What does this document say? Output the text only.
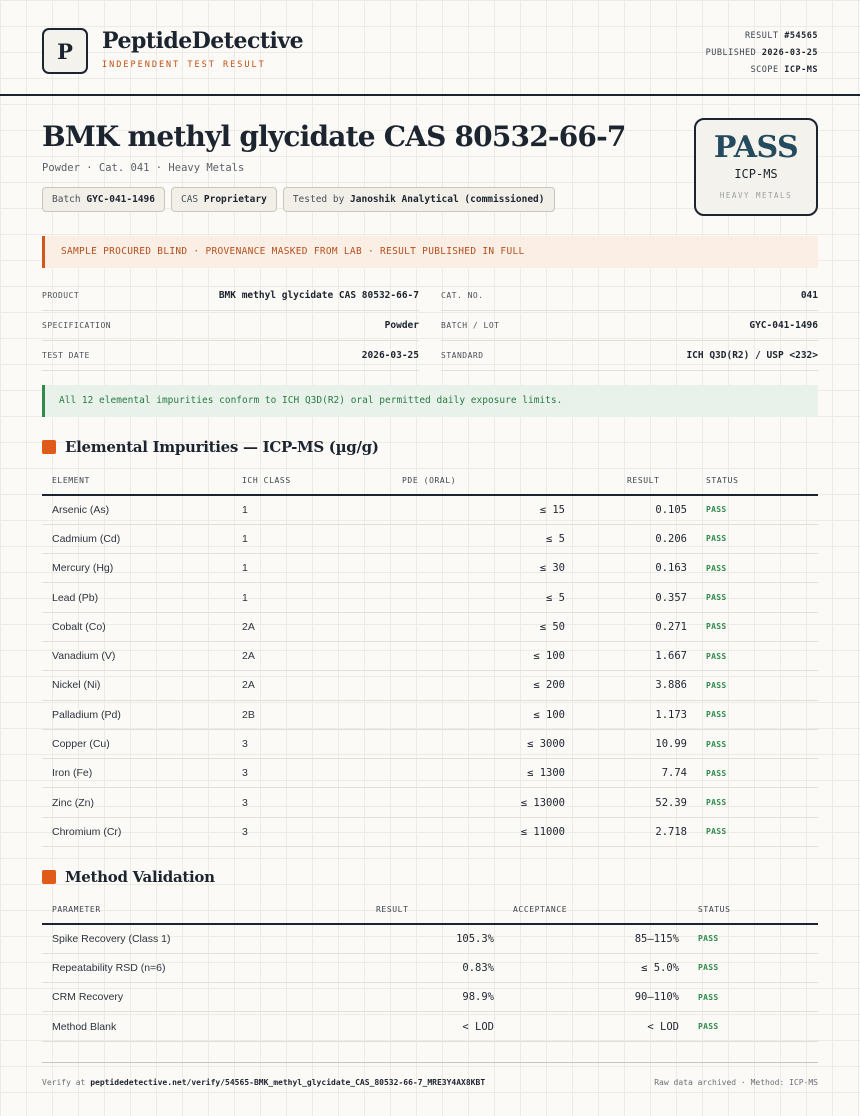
P	PeptideDetective
INDEPENDENT TEST RESULT
RESULT #54565
PUBLISHED 2026-03-25
SCOPE ICP-MS
BMK methyl glycidate CAS 80532-66-7
Powder · Cat. 041 · Heavy Metals
Batch GYC-041-1496	CAS Proprietary	Tested by Janoshik Analytical (commissioned)
PASS
ICP-MS
HEAVY METALS
SAMPLE PROCURED BLIND · PROVENANCE MASKED FROM LAB · RESULT PUBLISHED IN FULL
PRODUCT	BMK methyl glycidate CAS 80532-66-7	CAT. NO.	041
SPECIFICATION	Powder	BATCH / LOT	GYC-041-1496
TEST DATE	2026-03-25	STANDARD	ICH Q3D(R2) / USP <232>
All 12 elemental impurities conform to ICH Q3D(R2) oral permitted daily exposure limits.
Elemental Impurities — ICP-MS (µg/g)
ELEMENT	ICH CLASS	PDE (ORAL)	RESULT	STATUS
Arsenic (As)	1	≤ 15	0.105	PASS
Cadmium (Cd)	1	≤ 5	0.206	PASS
Mercury (Hg)	1	≤ 30	0.163	PASS
Lead (Pb)	1	≤ 5	0.357	PASS
Cobalt (Co)	2A	≤ 50	0.271	PASS
Vanadium (V)	2A	≤ 100	1.667	PASS
Nickel (Ni)	2A	≤ 200	3.886	PASS
Palladium (Pd)	2B	≤ 100	1.173	PASS
Copper (Cu)	3	≤ 3000	10.99	PASS
Iron (Fe)	3	≤ 1300	7.74	PASS
Zinc (Zn)	3	≤ 13000	52.39	PASS
Chromium (Cr)	3	≤ 11000	2.718	PASS
Method Validation
PARAMETER	RESULT	ACCEPTANCE	STATUS
Spike Recovery (Class 1)	105.3%	85–115%	PASS
Repeatability RSD (n=6)	0.83%	≤ 5.0%	PASS
CRM Recovery	98.9%	90–110%	PASS
Method Blank	< LOD	< LOD	PASS
Verify at peptidedetective.net/verify/54565-BMK_methyl_glycidate_CAS_80532-66-7_MRE3Y4AX8KBT	Raw data archived · Method: ICP-MS
